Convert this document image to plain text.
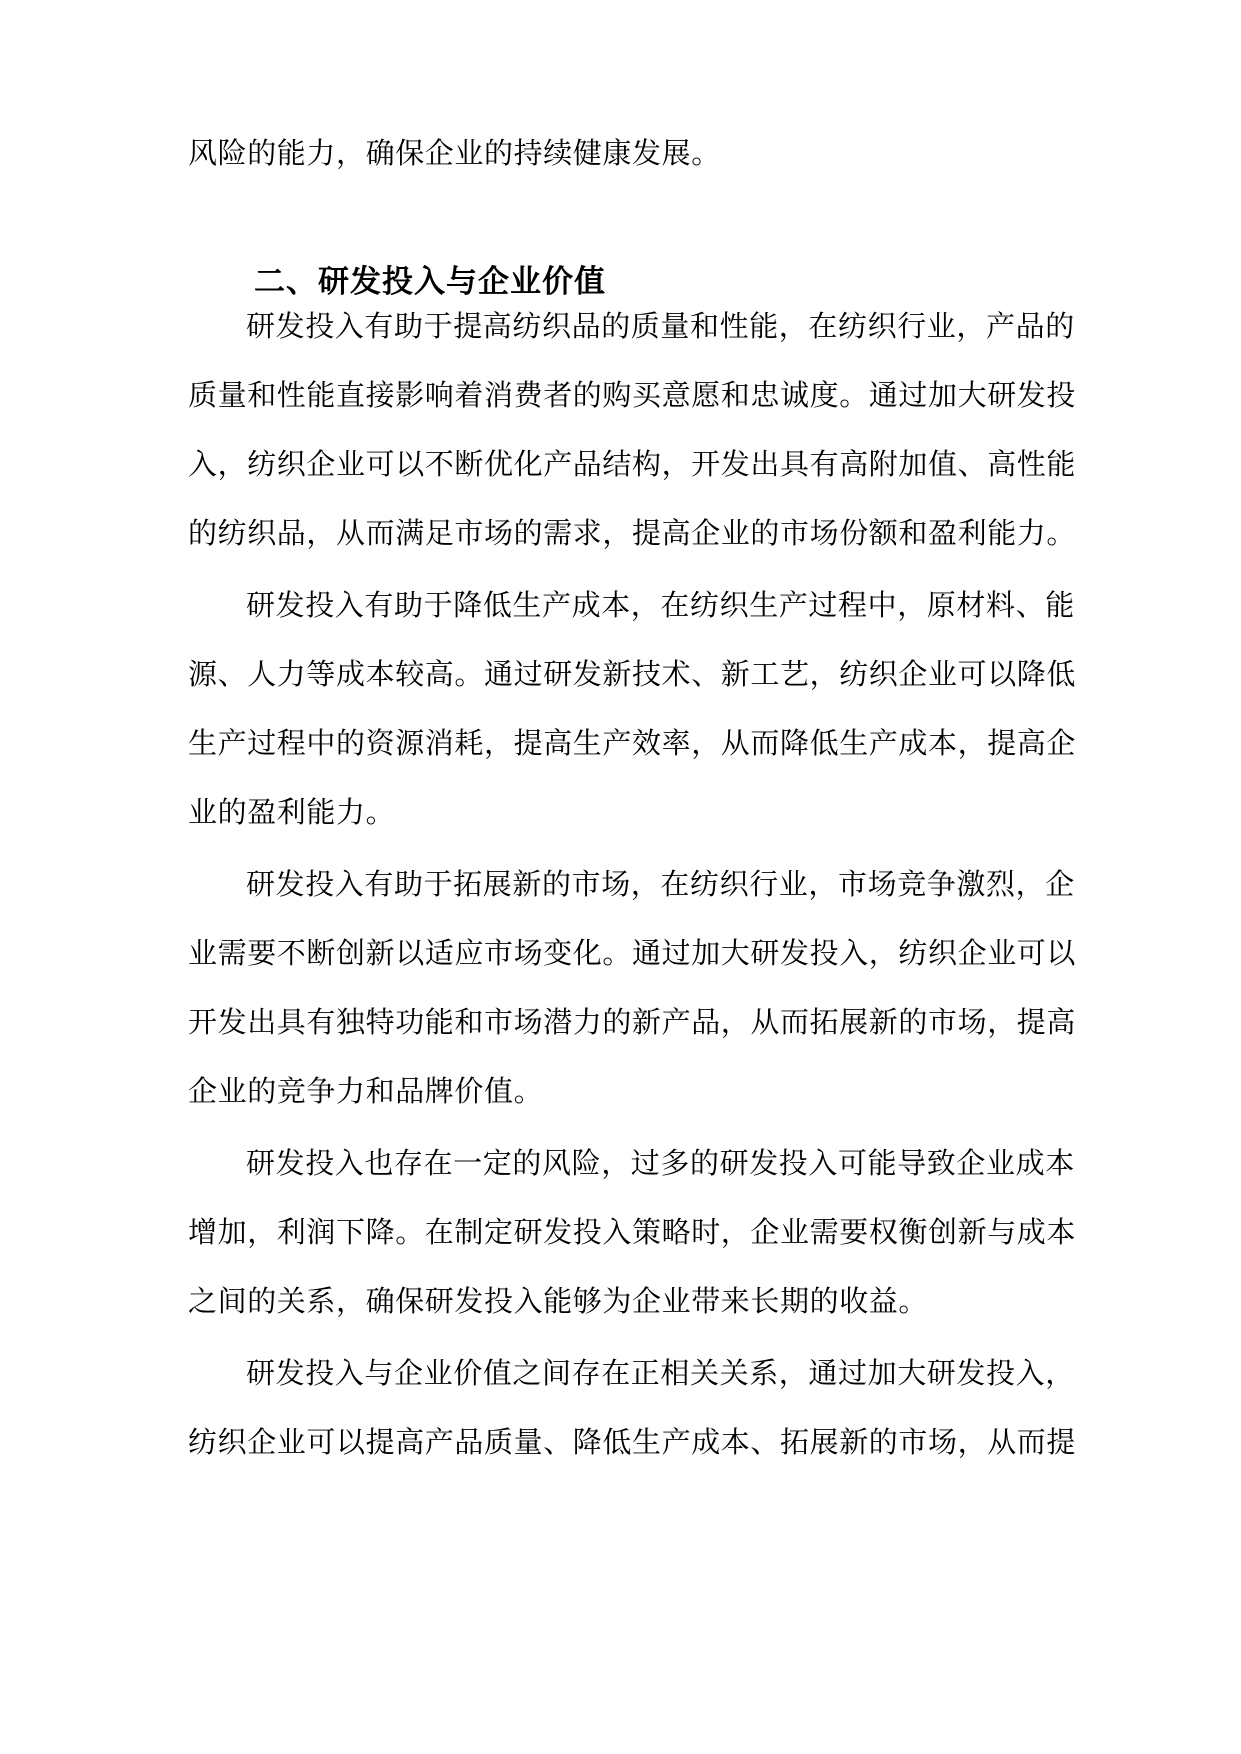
风险的能力，确保企业的持续健康发展。
二、研发投入与企业价值
研发投入有助于提高纺织品的质量和性能，在纺织行业，产品的
质量和性能直接影响着消费者的购买意愿和忠诚度。通过加大研发投
入，纺织企业可以不断优化产品结构，开发出具有高附加值、高性能
的纺织品，从而满足市场的需求，提高企业的市场份额和盈利能力。
研发投入有助于降低生产成本，在纺织生产过程中，原材料、能
源、人力等成本较高。通过研发新技术、新工艺，纺织企业可以降低
生产过程中的资源消耗，提高生产效率，从而降低生产成本，提高企
业的盈利能力。
研发投入有助于拓展新的市场，在纺织行业，市场竞争激烈，企
业需要不断创新以适应市场变化。通过加大研发投入，纺织企业可以
开发出具有独特功能和市场潜力的新产品，从而拓展新的市场，提高
企业的竞争力和品牌价值。
研发投入也存在一定的风险，过多的研发投入可能导致企业成本
增加，利润下降。在制定研发投入策略时，企业需要权衡创新与成本
之间的关系，确保研发投入能够为企业带来长期的收益。
研发投入与企业价值之间存在正相关关系，通过加大研发投入，
纺织企业可以提高产品质量、降低生产成本、拓展新的市场，从而提
